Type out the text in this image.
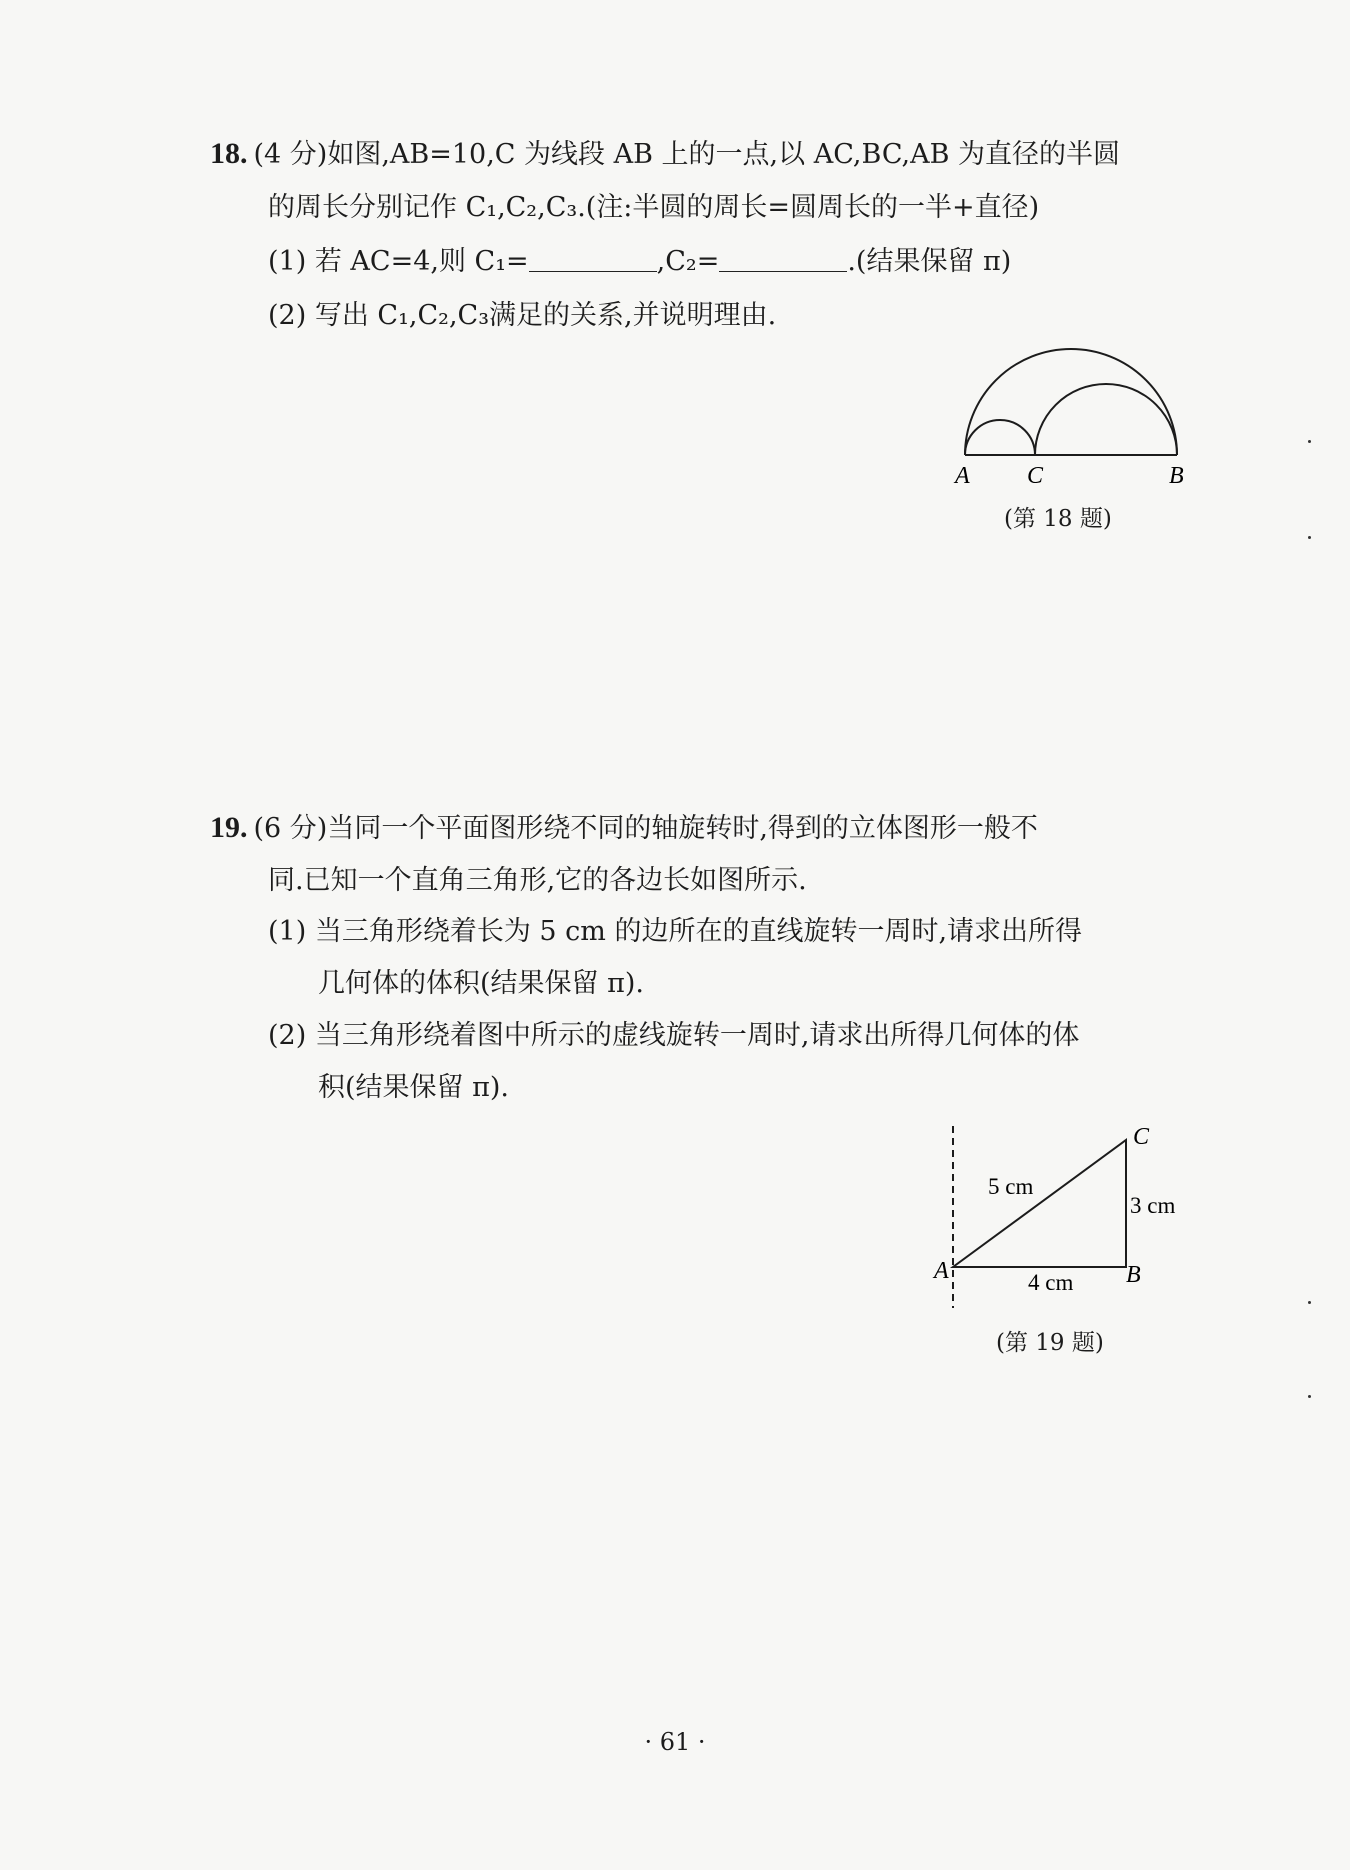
18. (4 分)如图,AB=10,C 为线段 AB 上的一点,以 AC,BC,AB 为直径的半圆
的周长分别记作 C₁,C₂,C₃.(注:半圆的周长=圆周长的一半+直径)
(1) 若 AC=4,则 C₁=	,C₂=	.(结果保留 π)
(2) 写出 C₁,C₂,C₃满足的关系,并说明理由.
A C	B
(第 18 题)
19. (6 分)当同一个平面图形绕不同的轴旋转时,得到的立体图形一般不
同.已知一个直角三角形,它的各边长如图所示.
(1) 当三角形绕着长为 5 cm 的边所在的直线旋转一周时,请求出所得
几何体的体积(结果保留 π).
(2) 当三角形绕着图中所示的虚线旋转一周时,请求出所得几何体的体
积(结果保留 π).
C
A	B
5 cm
3 cm
4 cm
(第 19 题)
· 61 ·
